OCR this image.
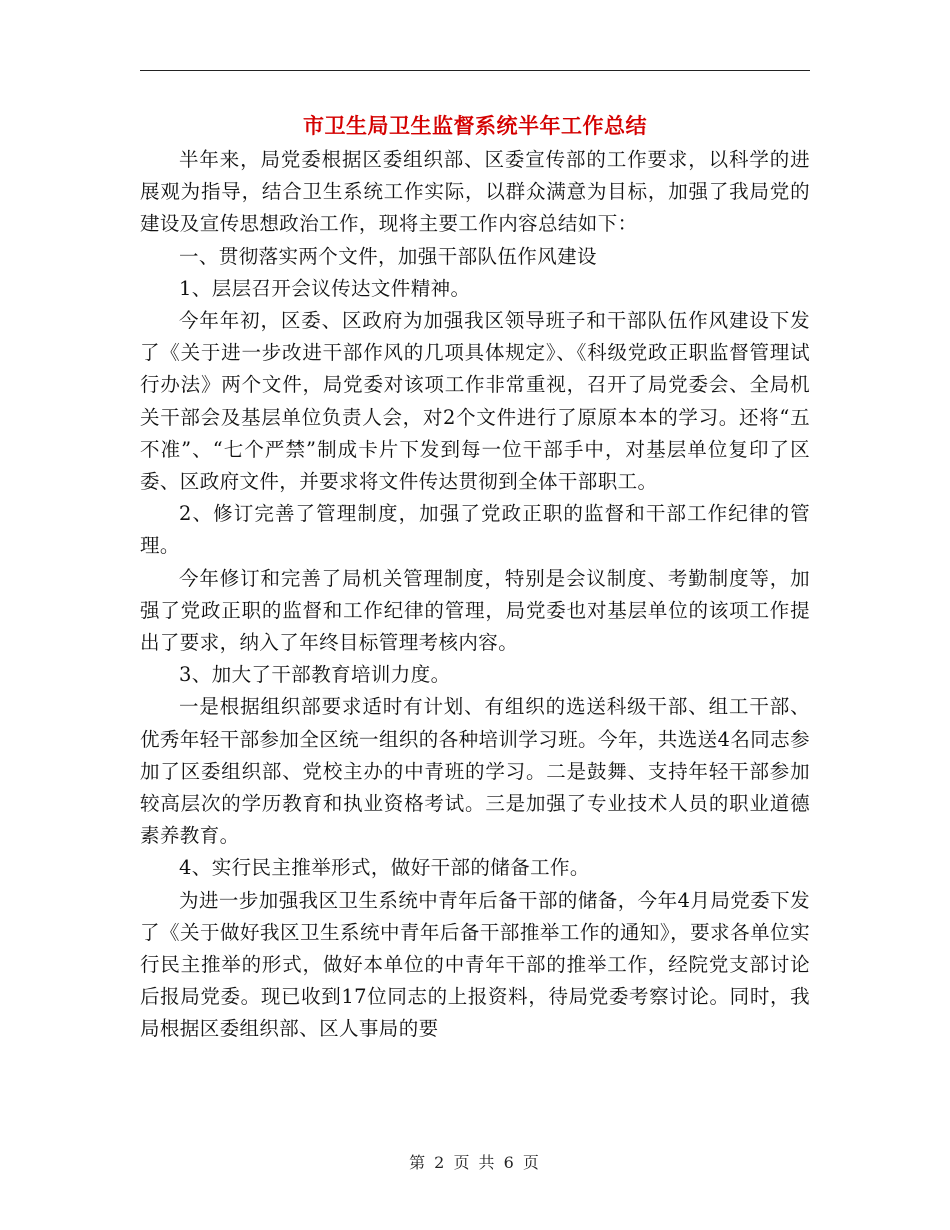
市卫生局卫生监督系统半年工作总结

半年来，局党委根据区委组织部、区委宣传部的工作要求，以科学的进展观为指导，结合卫生系统工作实际，以群众满意为目标，加强了我局党的建设及宣传思想政治工作，现将主要工作内容总结如下：

一、贯彻落实两个文件，加强干部队伍作风建设

1、层层召开会议传达文件精神。

今年年初，区委、区政府为加强我区领导班子和干部队伍作风建设下发了《关于进一步改进干部作风的几项具体规定》、《科级党政正职监督管理试行办法》两个文件，局党委对该项工作非常重视，召开了局党委会、全局机关干部会及基层单位负责人会，对2个文件进行了原原本本的学习。还将“五不准”、“七个严禁”制成卡片下发到每一位干部手中，对基层单位复印了区委、区政府文件，并要求将文件传达贯彻到全体干部职工。

2、修订完善了管理制度，加强了党政正职的监督和干部工作纪律的管理。

今年修订和完善了局机关管理制度，特别是会议制度、考勤制度等，加强了党政正职的监督和工作纪律的管理，局党委也对基层单位的该项工作提出了要求，纳入了年终目标管理考核内容。

3、加大了干部教育培训力度。

一是根据组织部要求适时有计划、有组织的选送科级干部、组工干部、优秀年轻干部参加全区统一组织的各种培训学习班。今年，共选送4名同志参加了区委组织部、党校主办的中青班的学习。二是鼓舞、支持年轻干部参加较高层次的学历教育和执业资格考试。三是加强了专业技术人员的职业道德素养教育。

4、实行民主推举形式，做好干部的储备工作。

为进一步加强我区卫生系统中青年后备干部的储备，今年4月局党委下发了《关于做好我区卫生系统中青年后备干部推举工作的通知》，要求各单位实行民主推举的形式，做好本单位的中青年干部的推举工作，经院党支部讨论后报局党委。现已收到17位同志的上报资料，待局党委考察讨论。同时，我局根据区委组织部、区人事局的要

第 2 页 共 6 页
